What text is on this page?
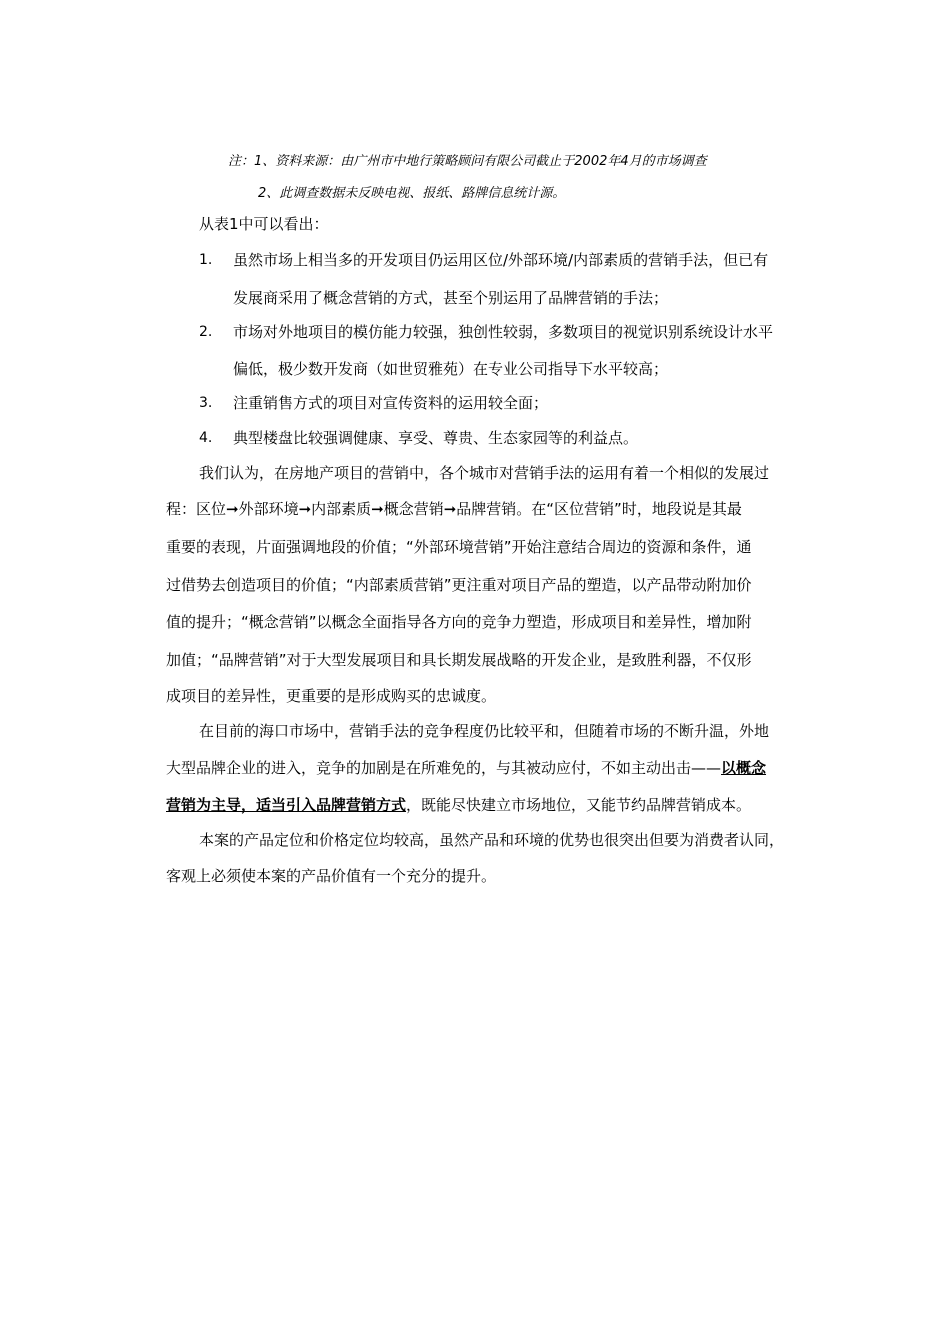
注：1、资料来源：由广州市中地行策略顾问有限公司截止于2002年4月的市场调查
2、此调查数据未反映电视、报纸、路牌信息统计源。
从表1中可以看出：
1. 虽然市场上相当多的开发项目仍运用区位/外部环境/内部素质的营销手法，但已有
发展商采用了概念营销的方式，甚至个别运用了品牌营销的手法；
2. 市场对外地项目的模仿能力较强，独创性较弱，多数项目的视觉识别系统设计水平
偏低，极少数开发商（如世贸雅苑）在专业公司指导下水平较高；
3. 注重销售方式的项目对宣传资料的运用较全面；
4. 典型楼盘比较强调健康、享受、尊贵、生态家园等的利益点。
我们认为，在房地产项目的营销中，各个城市对营销手法的运用有着一个相似的发展过
程：区位➞外部环境➞内部素质➞概念营销➞品牌营销。在“区位营销”时，地段说是其最
重要的表现，片面强调地段的价值；“外部环境营销”开始注意结合周边的资源和条件，通
过借势去创造项目的价值；“内部素质营销”更注重对项目产品的塑造，以产品带动附加价
值的提升；“概念营销”以概念全面指导各方向的竞争力塑造，形成项目和差异性，增加附
加值；“品牌营销”对于大型发展项目和具长期发展战略的开发企业，是致胜利器，不仅形
成项目的差异性，更重要的是形成购买的忠诚度。
在目前的海口市场中，营销手法的竞争程度仍比较平和，但随着市场的不断升温，外地
大型品牌企业的进入，竞争的加剧是在所难免的，与其被动应付，不如主动出击——以概念
营销为主导，适当引入品牌营销方式，既能尽快建立市场地位，又能节约品牌营销成本。
本案的产品定位和价格定位均较高，虽然产品和环境的优势也很突出但要为消费者认同，
客观上必须使本案的产品价值有一个充分的提升。
